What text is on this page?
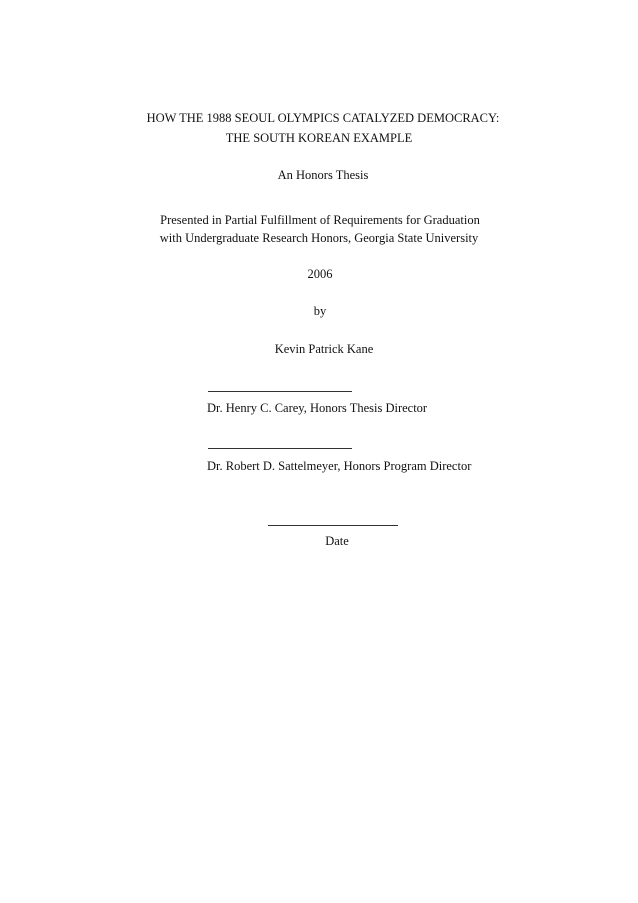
HOW THE 1988 SEOUL OLYMPICS CATALYZED DEMOCRACY:
THE SOUTH KOREAN EXAMPLE
An Honors Thesis
Presented in Partial Fulfillment of Requirements for Graduation
with Undergraduate Research Honors, Georgia State University
2006
by
Kevin Patrick Kane
Dr. Henry C. Carey, Honors Thesis Director
Dr. Robert D. Sattelmeyer, Honors Program Director
Date
